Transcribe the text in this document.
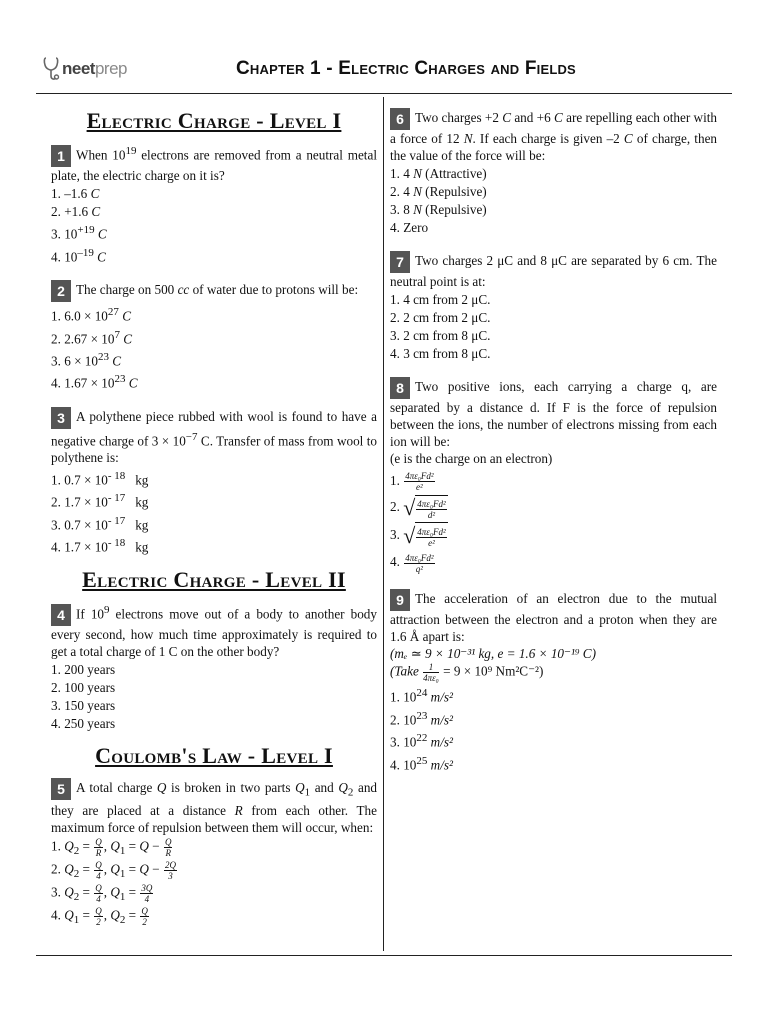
neetprep	Chapter 1 - Electric Charges and Fields
Electric Charge - Level I
1 When $10^{19}$ electrons are removed from a neutral metal plate, the electric charge on it is?
1. –1.6 C
2. +1.6 C
3. $10^{+19}$ C
4. $10^{-19}$ C
2 The charge on 500 cc of water due to protons will be:
1. $6.0 \times 10^{27}$ C
2. $2.67 \times 10^7$ C
3. $6 \times 10^{23}$ C
4. $1.67 \times 10^{23}$ C
3 A polythene piece rubbed with wool is found to have a negative charge of $3 \times 10^{-7}$ C. Transfer of mass from wool to polythene is:
1. $0.7 \times 10^{- 18}$ kg
2. $1.7 \times 10^{- 17}$ kg
3. $0.7 \times 10^{- 17}$ kg
4. $1.7 \times 10^{- 18}$ kg
Electric Charge - Level II
4 If $10^9$ electrons move out of a body to another body every second, how much time approximately is required to get a total charge of 1 C on the other body?
1. 200 years
2. 100 years
3. 150 years
4. 250 years
Coulomb's Law - Level I
5 A total charge Q is broken in two parts $Q_1$ and $Q_2$ and they are placed at a distance R from each other. The maximum force of repulsion between them will occur, when:
1. $Q_2 = \frac{Q}{R}$ , $Q_1 = Q - \frac{Q}{R}$
2. $Q_2 = \frac{Q}{4}$ , $Q_1 = Q - \frac{2Q}{3}$
3. $Q_2 = \frac{Q}{4}$ , $Q_1 = \frac{3Q}{4}$
4. $Q_1 = \frac{Q}{2}$ , $Q_2 = \frac{Q}{2}$
6 Two charges +2 C and +6 C are repelling each other with a force of 12 N. If each charge is given –2 C of charge, then the value of the force will be:
1. 4 N (Attractive)
2. 4 N (Repulsive)
3. 8 N (Repulsive)
4. Zero
7 Two charges 2 μC and 8 μC are separated by 6 cm. The neutral point is at:
1. 4 cm from 2 μC.
2. 2 cm from 2 μC.
3. 2 cm from 8 μC.
4. 3 cm from 8 μC.
8 Two positive ions, each carrying a charge q, are separated by a distance d. If F is the force of repulsion between the ions, the number of electrons missing from each ion will be:
(e is the charge on an electron)
1. $\frac{\text{4πε₀Fd²}}{\text{e²}}$
2. √ $\frac{\text{4πε₀Fd²}}{\text{d²}}$
3. √ $\frac{\text{4πε₀Fd²}}{\text{e²}}$
4. $\frac{\text{4πε₀Fd²}}{\text{q²}}$
9 The acceleration of an electron due to the mutual attraction between the electron and a proton when they are 1.6 Å apart is:
(mₑ ≃ 9 × 10⁻³¹ kg, e = 1.6 × 10⁻¹⁹ C)
(Take $\frac{1}{\text{4πε₀}} = 9 \times 10^9$ Nm²C⁻²)
1. $10^{24}$ m/s²
2. $10^{23}$ m/s²
3. $10^{22}$ m/s²
4. $10^{25}$ m/s²
